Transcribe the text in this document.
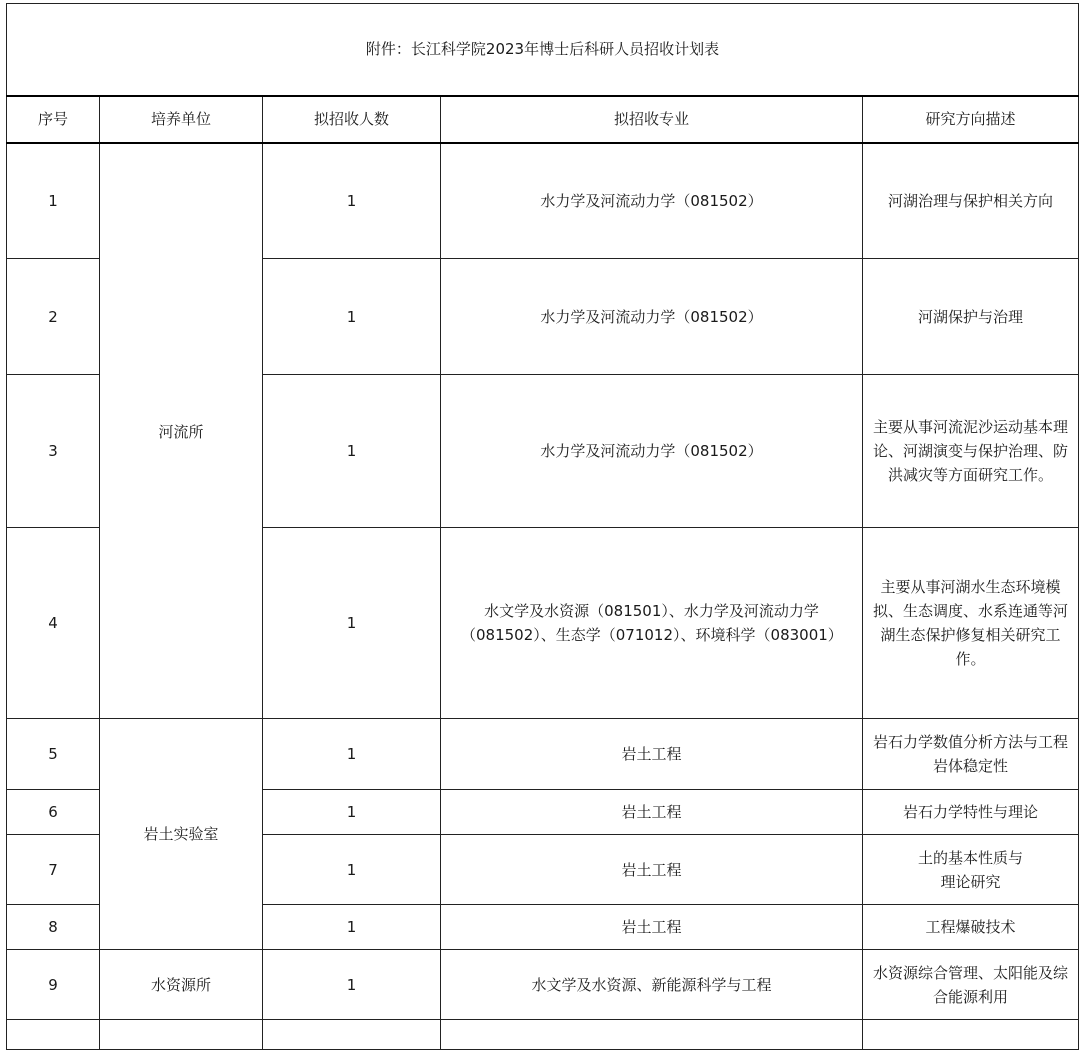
附件：长江科学院2023年博士后科研人员招收计划表				
序号	培养单位	拟招收人数	拟招收专业	研究方向描述
1	河流所	1	水力学及河流动力学（081502）	河湖治理与保护相关方向
2		1	水力学及河流动力学（081502）	河湖保护与治理
3		1	水力学及河流动力学（081502）	主要从事河流泥沙运动基本理论、河湖演变与保护治理、防洪减灾等方面研究工作。
4		1	水文学及水资源（081501）、水力学及河流动力学（081502）、生态学（071012）、环境科学（083001）	主要从事河湖水生态环境模拟、生态调度、水系连通等河湖生态保护修复相关研究工作。
5	岩土实验室	1	岩土工程	岩石力学数值分析方法与工程岩体稳定性
6		1	岩土工程	岩石力学特性与理论
7		1	岩土工程	土的基本性质与理论研究
8		1	岩土工程	工程爆破技术
9	水资源所	1	水文学及水资源、新能源科学与工程	水资源综合管理、太阳能及综合能源利用
